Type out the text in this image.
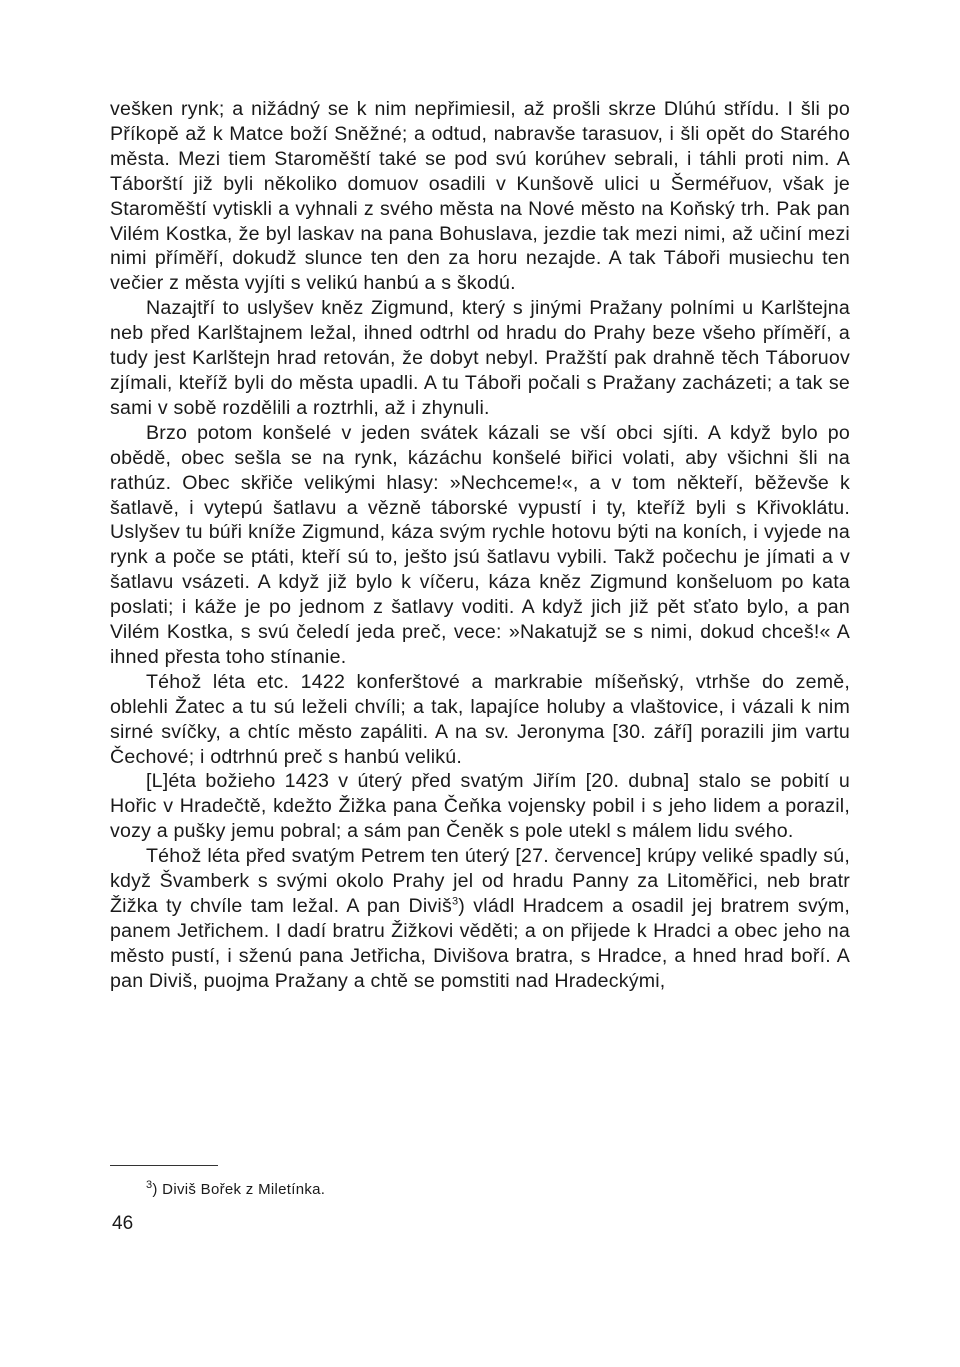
vešken rynk; a nižádný se k nim nepřimiesil, až prošli skrze Dlúhú střídu. I šli po Příkopě až k Matce boží Sněžné; a odtud, nabravše tarasuov, i šli opět do Starého města. Mezi tiem Staroměští také se pod svú korúhev sebrali, i táhli proti nim. A Táborští již byli několiko domuov osadili v Kunšově ulici u Šerméřuov, však je Staroměští vytiskli a vyhnali z svého města na Nové město na Koňský trh. Pak pan Vilém Kostka, že byl laskav na pana Bohuslava, jezdie tak mezi nimi, až učiní mezi nimi příměří, dokudž slunce ten den za horu nezajde. A tak Táboři musiechu ten večier z města vyjíti s velikú hanbú a s škodú.

Nazajtří to uslyšev kněz Zigmund, který s jinými Pražany polními u Karlštejna neb před Karlštajnem ležal, ihned odtrhl od hradu do Prahy beze všeho příměří, a tudy jest Karlštejn hrad retován, že dobyt nebyl. Pražští pak drahně těch Táboruov zjímali, kteříž byli do města upadli. A tu Táboři počali s Pražany zacházeti; a tak se sami v sobě rozdělili a roztrhli, až i zhynuli.

Brzo potom konšelé v jeden svátek kázali se vší obci sjíti. A když bylo po obědě, obec sešla se na rynk, kázáchu konšelé biřici volati, aby všichni šli na rathúz. Obec skřiče velikými hlasy: »Nechceme!«, a v tom někteří, běževše k šatlavě, i vytepú šatlavu a vězně táborské vypustí i ty, kteříž byli s Křivoklátu. Uslyšev tu búři kníže Zigmund, káza svým rychle hotovu býti na koních, i vyjede na rynk a poče se ptáti, kteří sú to, ješto jsú šatlavu vybili. Takž počechu je jímati a v šatlavu vsázeti. A když již bylo k víčeru, káza kněz Zigmund konšeluom po kata poslati; i káže je po jednom z šatlavy voditi. A když jich již pět sťato bylo, a pan Vilém Kostka, s svú čeledí jeda preč, vece: »Nakatujž se s nimi, dokud chceš!« A ihned přesta toho stínanie.

Téhož léta etc. 1422 konferštové a markrabie míšeňský, vtrhše do země, oblehli Žatec a tu sú leželi chvíli; a tak, lapajíce holuby a vlaštovice, i vázali k nim sirné svíčky, a chtíc město zapáliti. A na sv. Jeronyma [30. září] porazili jim vartu Čechové; i odtrhnú preč s hanbú velikú.

[L]éta božieho 1423 v úterý před svatým Jiřím [20. dubna] stalo se pobití u Hořic v Hradečtě, kdežto Žižka pana Čeňka vojensky pobil i s jeho lidem a porazil, vozy a pušky jemu pobral; a sám pan Čeněk s pole utekl s málem lidu svého.

Téhož léta před svatým Petrem ten úterý [27. července] krúpy veliké spadly sú, když Švamberk s svými okolo Prahy jel od hradu Panny za Litoměřici, neb bratr Žižka ty chvíle tam ležal. A pan Diviš$^3$) vládl Hradcem a osadil jej bratrem svým, panem Jetřichem. I dadí bratru Žižkovi věděti; a on přijede k Hradci a obec jeho na město pustí, i sženú pana Jetřicha, Divišova bratra, s Hradce, a hned hrad boří. A pan Diviš, puojma Pražany a chtě se pomstiti nad Hradeckými,

$^3$) Diviš Bořek z Miletínka.
46
